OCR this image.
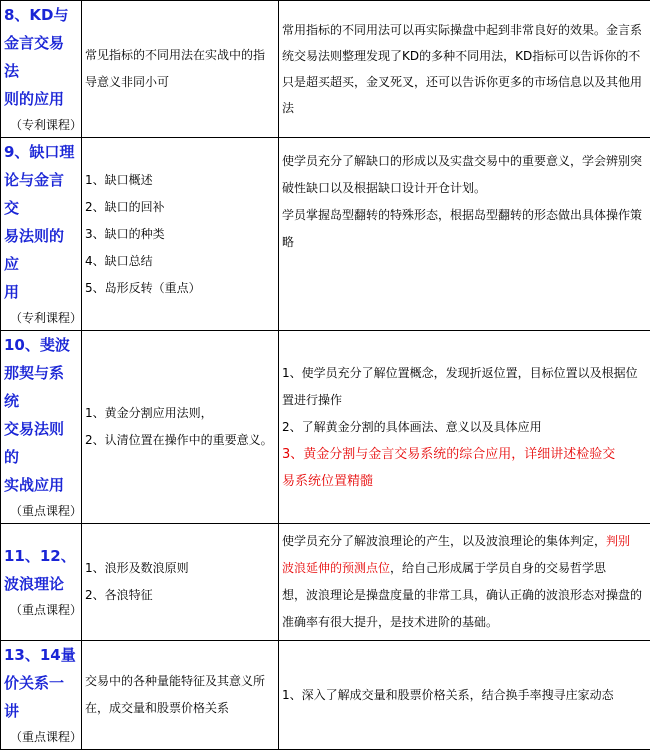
8、KD与
金言交易法
则的应用
（专利课程）	常见指标的不同用法在实战中的指导意义非同小可	常用指标的不同用法可以再实际操盘中起到非常良好的效果。金言系
统交易法则整理发现了KD的多种不同用法，KD指标可以告诉你的不
只是超买超买，金叉死叉，还可以告诉你更多的市场信息以及其他用
法

9、缺口理
论与金言交
易法则的应
用
（专利课程）	1、缺口概述
2、缺口的回补
3、缺口的种类
4、缺口总结
5、岛形反转（重点）	使学员充分了解缺口的形成以及实盘交易中的重要意义，学会辨别突
破性缺口以及根据缺口设计开仓计划。
学员掌握岛型翻转的特殊形态，根据岛型翻转的形态做出具体操作策
略

10、斐波
那契与系统
交易法则的
实战应用
（重点课程）	1、黄金分割应用法则，
2、认清位置在操作中的重要意义。	1、使学员充分了解位置概念，发现折返位置，目标位置以及根据位
置进行操作
2、了解黄金分割的具体画法、意义以及具体应用
3、黄金分割与金言交易系统的综合应用，详细讲述检验交
易系统位置精髓

11、12、
波浪理论
（重点课程）	1、浪形及数浪原则
2、各浪特征	使学员充分了解波浪理论的产生，以及波浪理论的集体判定，判别
波浪延伸的预测点位，给自己形成属于学员自身的交易哲学思
想，波浪理论是操盘度量的非常工具，确认正确的波浪形态对操盘的
准确率有很大提升，是技术进阶的基础。

13、14量
价关系一讲
（重点课程）	交易中的各种量能特征及其意义所在，成交量和股票价格关系	1、深入了解成交量和股票价格关系，结合换手率搜寻庄家动态
